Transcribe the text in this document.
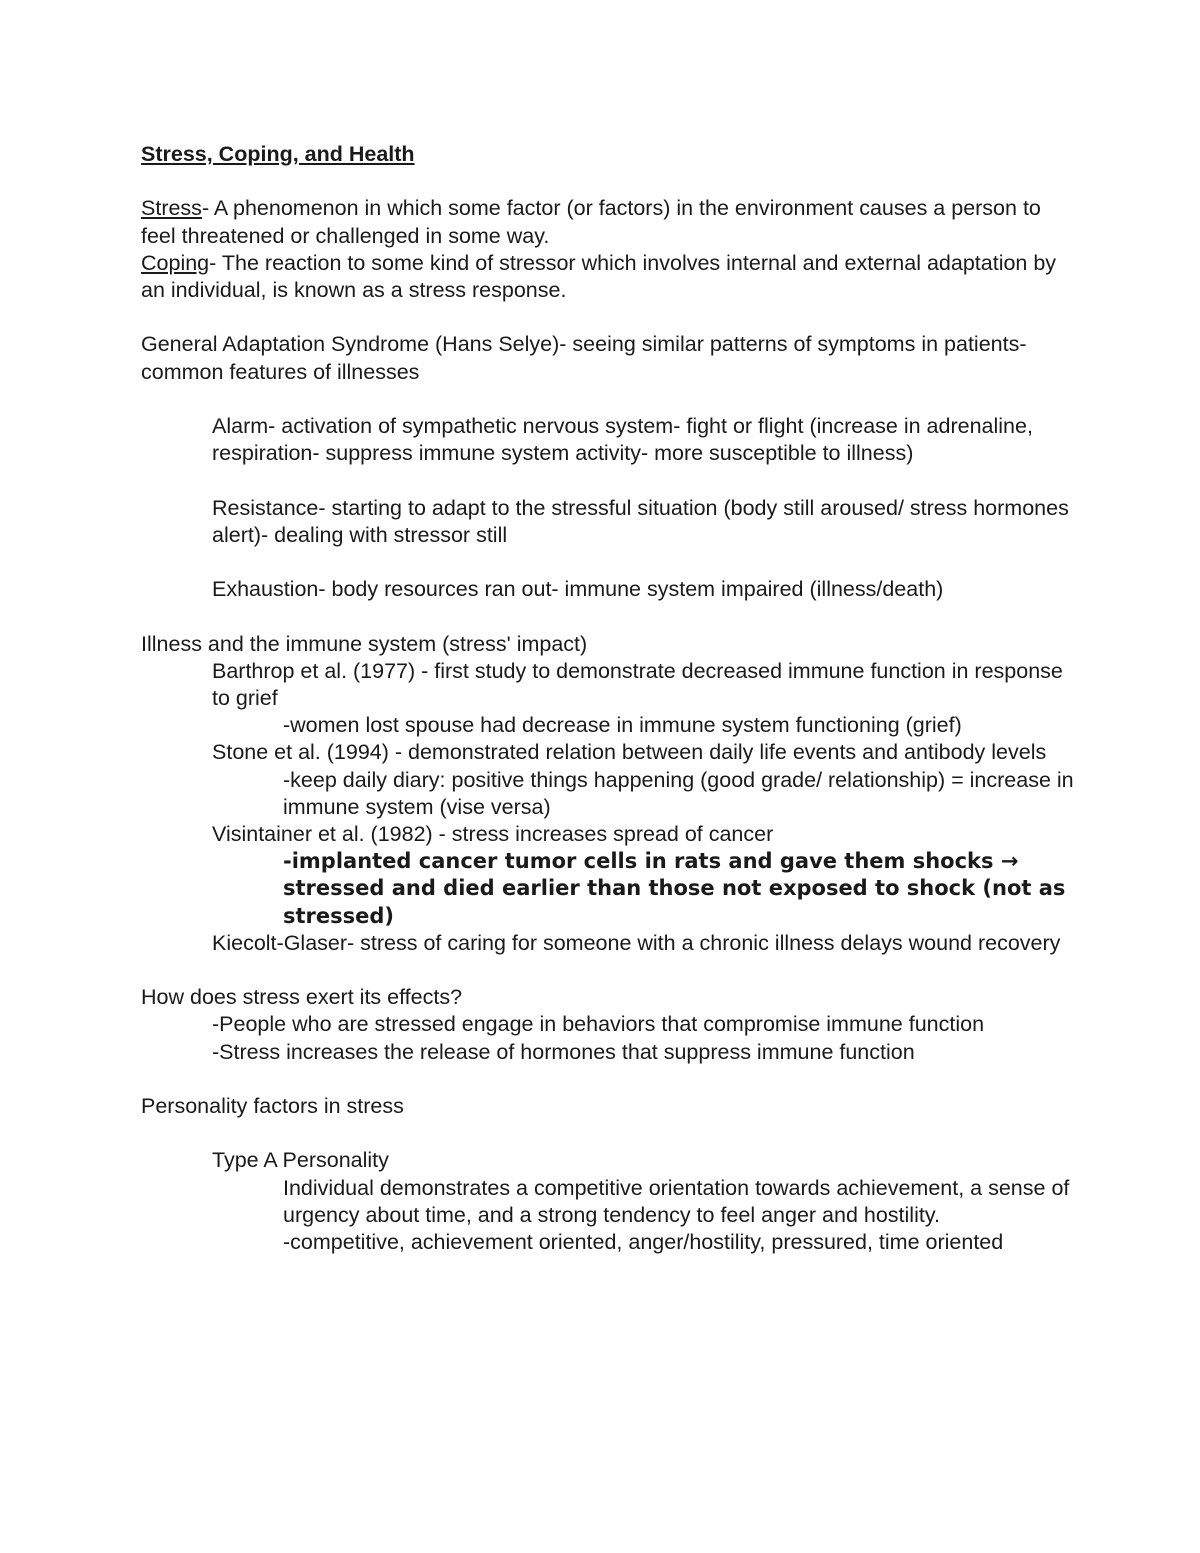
Stress, Coping, and Health

Stress- A phenomenon in which some factor (or factors) in the environment causes a person to feel threatened or challenged in some way.

Coping- The reaction to some kind of stressor which involves internal and external adaptation by an individual, is known as a stress response.

General Adaptation Syndrome (Hans Selye)- seeing similar patterns of symptoms in patients- common features of illnesses

Alarm- activation of sympathetic nervous system- fight or flight (increase in adrenaline, respiration- suppress immune system activity- more susceptible to illness)

Resistance- starting to adapt to the stressful situation (body still aroused/ stress hormones alert)- dealing with stressor still

Exhaustion- body resources ran out- immune system impaired (illness/death)

Illness and the immune system (stress' impact)

Barthrop et al. (1977) - first study to demonstrate decreased immune function in response to grief

-women lost spouse had decrease in immune system functioning (grief)

Stone et al. (1994) - demonstrated relation between daily life events and antibody levels

-keep daily diary: positive things happening (good grade/ relationship) = increase in immune system (vise versa)

Visintainer et al. (1982) - stress increases spread of cancer

-implanted cancer tumor cells in rats and gave them shocks → stressed and died earlier than those not exposed to shock (not as stressed)

Kiecolt-Glaser- stress of caring for someone with a chronic illness delays wound recovery

How does stress exert its effects?

-People who are stressed engage in behaviors that compromise immune function

-Stress increases the release of hormones that suppress immune function

Personality factors in stress

Type A Personality

Individual demonstrates a competitive orientation towards achievement, a sense of urgency about time, and a strong tendency to feel anger and hostility.

-competitive, achievement oriented, anger/hostility, pressured, time oriented
